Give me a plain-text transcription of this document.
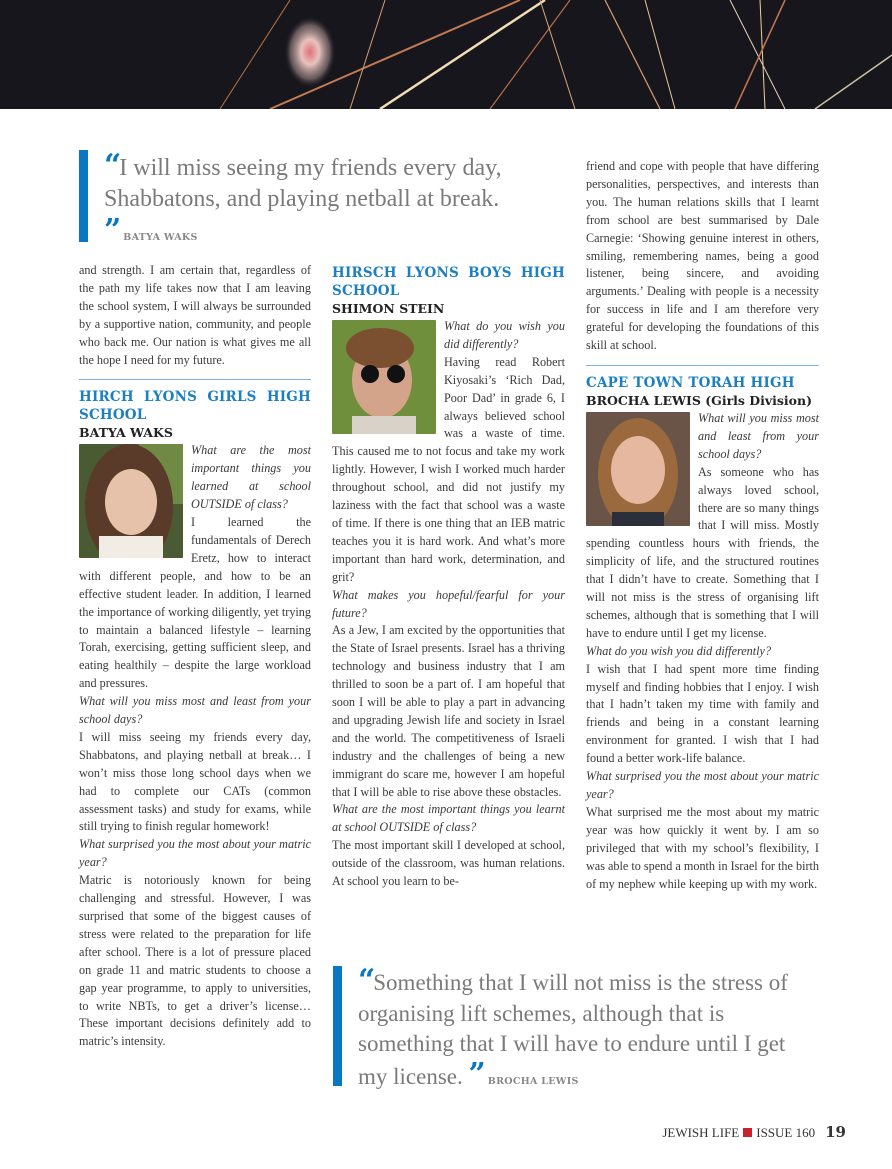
“I will miss seeing my friends every day, Shabbatons, and playing netball at break. ” BATYA WAKS

and strength. I am certain that, regardless of the path my life takes now that I am leaving the school system, I will always be surrounded by a supportive nation, community, and people who back me. Our nation is what gives me all the hope I need for my future.

HIRCH LYONS GIRLS HIGH SCHOOL

BATYA WAKS

What are the most important things you learned at school OUTSIDE of class?

I learned the fundamentals of Derech Eretz, how to interact with different people, and how to be an effective student leader. In addition, I learned the importance of working diligently, yet trying to maintain a balanced lifestyle – learning Torah, exercising, getting sufficient sleep, and eating healthily – despite the large workload and pressures.

What will you miss most and least from your school days?

I will miss seeing my friends every day, Shabbatons, and playing netball at break… I won’t miss those long school days when we had to complete our CATs (common assessment tasks) and study for exams, while still trying to finish regular homework!

What surprised you the most about your matric year?

Matric is notoriously known for being challenging and stressful. However, I was surprised that some of the biggest causes of stress were related to the preparation for life after school. There is a lot of pressure placed on grade 11 and matric students to choose a gap year programme, to apply to universities, to write NBTs, to get a driver’s license… These important decisions definitely add to matric’s intensity.

HIRSCH LYONS BOYS HIGH SCHOOL

SHIMON STEIN

What do you wish you did differently?

Having read Robert Kiyosaki’s ‘Rich Dad, Poor Dad’ in grade 6, I always believed school was a waste of time. This caused me to not focus and take my work lightly. However, I wish I worked much harder throughout school, and did not justify my laziness with the fact that school was a waste of time. If there is one thing that an IEB matric teaches you it is hard work. And what’s more important than hard work, determination, and grit?

What makes you hopeful/fearful for your future?

As a Jew, I am excited by the opportunities that the State of Israel presents. Israel has a thriving technology and business industry that I am thrilled to soon be a part of. I am hopeful that soon I will be able to play a part in advancing and upgrading Jewish life and society in Israel and the world. The competitiveness of Israeli industry and the challenges of being a new immigrant do scare me, however I am hopeful that I will be able to rise above these obstacles.

What are the most important things you learnt at school OUTSIDE of class?

The most important skill I developed at school, outside of the classroom, was human relations. At school you learn to be-

friend and cope with people that have differing personalities, perspectives, and interests than you. The human relations skills that I learnt from school are best summarised by Dale Carnegie: ‘Showing genuine interest in others, smiling, remembering names, being a good listener, being sincere, and avoiding arguments.’ Dealing with people is a necessity for success in life and I am therefore very grateful for developing the foundations of this skill at school.

CAPE TOWN TORAH HIGH

BROCHA LEWIS (Girls Division)

What will you miss most and least from your school days?

As someone who has always loved school, there are so many things that I will miss. Mostly spending countless hours with friends, the simplicity of life, and the structured routines that I didn’t have to create. Something that I will not miss is the stress of organising lift schemes, although that is something that I will have to endure until I get my license.

What do you wish you did differently?

I wish that I had spent more time finding myself and finding hobbies that I enjoy. I wish that I hadn’t taken my time with family and friends and being in a constant learning environment for granted. I wish that I had found a better work-life balance.

What surprised you the most about your matric year?

What surprised me the most about my matric year was how quickly it went by. I am so privileged that with my school’s flexibility, I was able to spend a month in Israel for the birth of my nephew while keeping up with my work.

“Something that I will not miss is the stress of organising lift schemes, although that is something that I will have to endure until I get my license. ” BROCHA LEWIS
JEWISH LIFE ISSUE 160 19
